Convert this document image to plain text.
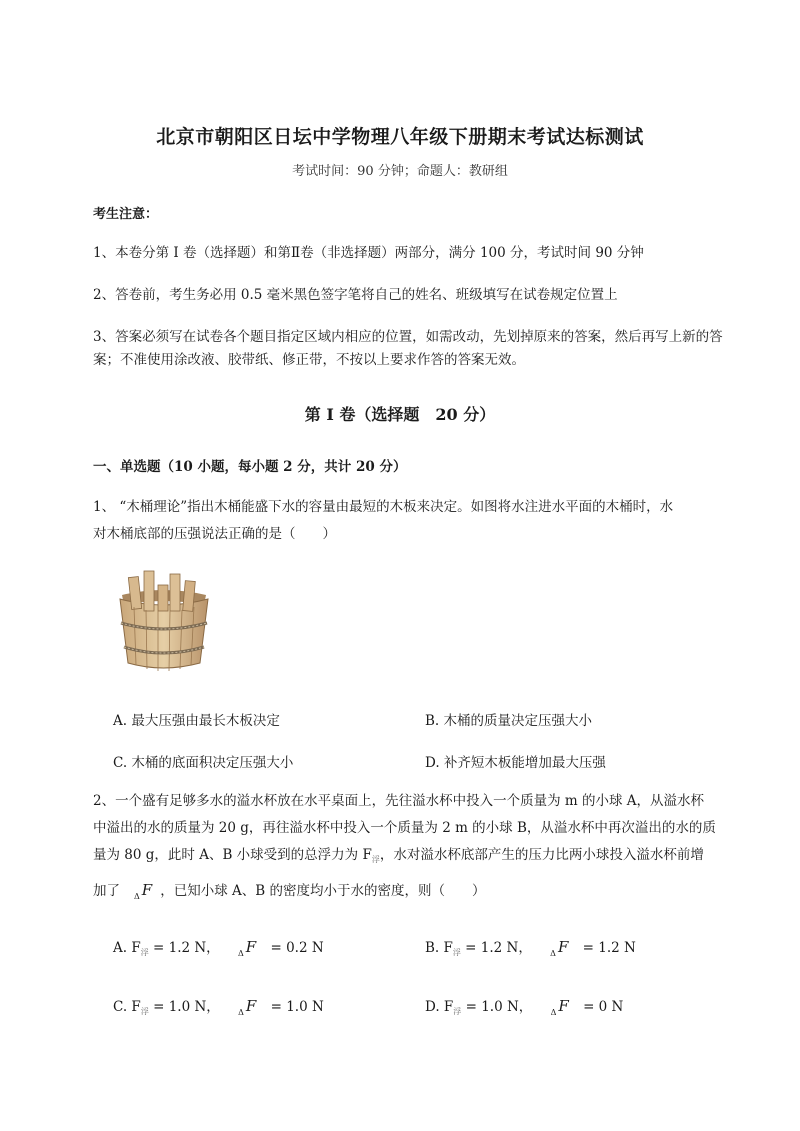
北京市朝阳区日坛中学物理八年级下册期末考试达标测试
考试时间：90 分钟；命题人：教研组
考生注意：
1、本卷分第 I 卷（选择题）和第Ⅱ卷（非选择题）两部分，满分 100 分，考试时间 90 分钟
2、答卷前，考生务必用 0.5 毫米黑色签字笔将自己的姓名、班级填写在试卷规定位置上
3、答案必须写在试卷各个题目指定区域内相应的位置，如需改动，先划掉原来的答案，然后再写上新的答案；不准使用涂改液、胶带纸、修正带，不按以上要求作答的答案无效。
第 I 卷（选择题　20 分）
一、单选题（10 小题，每小题 2 分，共计 20 分）
1、 “木桶理论”指出木桶能盛下水的容量由最短的木板来决定。如图将水注进水平面的木桶时，水
对木桶底部的压强说法正确的是（　　）
A. 最大压强由最长木板决定	B. 木桶的质量决定压强大小
C. 木桶的底面积决定压强大小	D. 补齐短木板能增加最大压强
2、一个盛有足够多水的溢水杯放在水平桌面上，先往溢水杯中投入一个质量为 m 的小球 A，从溢水杯
中溢出的水的质量为 20 g，再往溢水杯中投入一个质量为 2 m 的小球 B，从溢水杯中再次溢出的水的质
量为 80 g，此时 A、B 小球受到的总浮力为 $F_浮$，水对溢水杯底部产生的压力比两小球投入溢水杯前增
加了 $_\Delta$ F ，已知小球 A、B 的密度均小于水的密度，则（　　）
A. $F_浮 = 1.2$ N， $_\Delta$ F = 0.2 N	B. $F_浮 = 1.2$ N， $_\Delta$ F = 1.2 N
C. $F_浮 = 1.0$ N， $_\Delta$ F = 1.0 N	D. $F_浮 = 1.0$ N， $_\Delta$ F = 0 N
